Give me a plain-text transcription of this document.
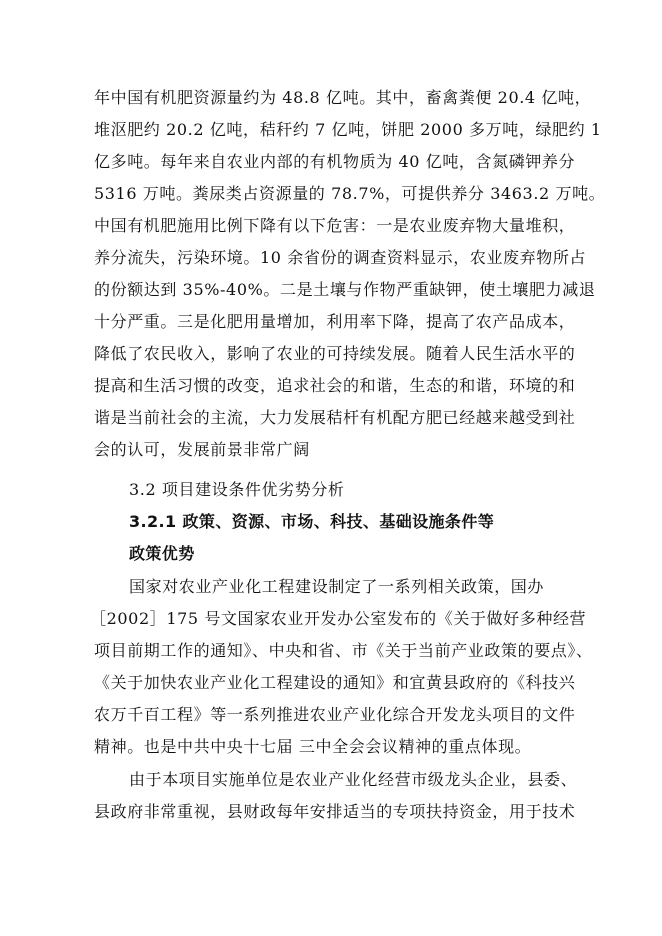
年中国有机肥资源量约为 48.8 亿吨。其中，畜禽粪便 20.4 亿吨，
堆沤肥约 20.2 亿吨，秸秆约 7 亿吨，饼肥 2000 多万吨，绿肥约 1
亿多吨。每年来自农业内部的有机物质为 40 亿吨，含氮磷钾养分
5316 万吨。粪尿类占资源量的 78.7%，可提供养分 3463.2 万吨。
中国有机肥施用比例下降有以下危害：一是农业废弃物大量堆积，
养分流失，污染环境。10 余省份的调查资料显示，农业废弃物所占
的份额达到 35%-40%。二是土壤与作物严重缺钾，使土壤肥力减退
十分严重。三是化肥用量增加，利用率下降，提高了农产品成本，
降低了农民收入，影响了农业的可持续发展。随着人民生活水平的
提高和生活习惯的改变，追求社会的和谐，生态的和谐，环境的和
谐是当前社会的主流，大力发展秸杆有机配方肥已经越来越受到社
会的认可，发展前景非常广阔
3.2 项目建设条件优劣势分析
3.2.1 政策、资源、市场、科技、基础设施条件等
政策优势
国家对农业产业化工程建设制定了一系列相关政策，国办
［2002］175 号文国家农业开发办公室发布的《关于做好多种经营
项目前期工作的通知》、中央和省、市《关于当前产业政策的要点》、
《关于加快农业产业化工程建设的通知》和宜黄县政府的《科技兴
农万千百工程》等一系列推进农业产业化综合开发龙头项目的文件
精神。也是中共中央十七届 三中全会会议精神的重点体现。
由于本项目实施单位是农业产业化经营市级龙头企业，县委、
县政府非常重视，县财政每年安排适当的专项扶持资金，用于技术
